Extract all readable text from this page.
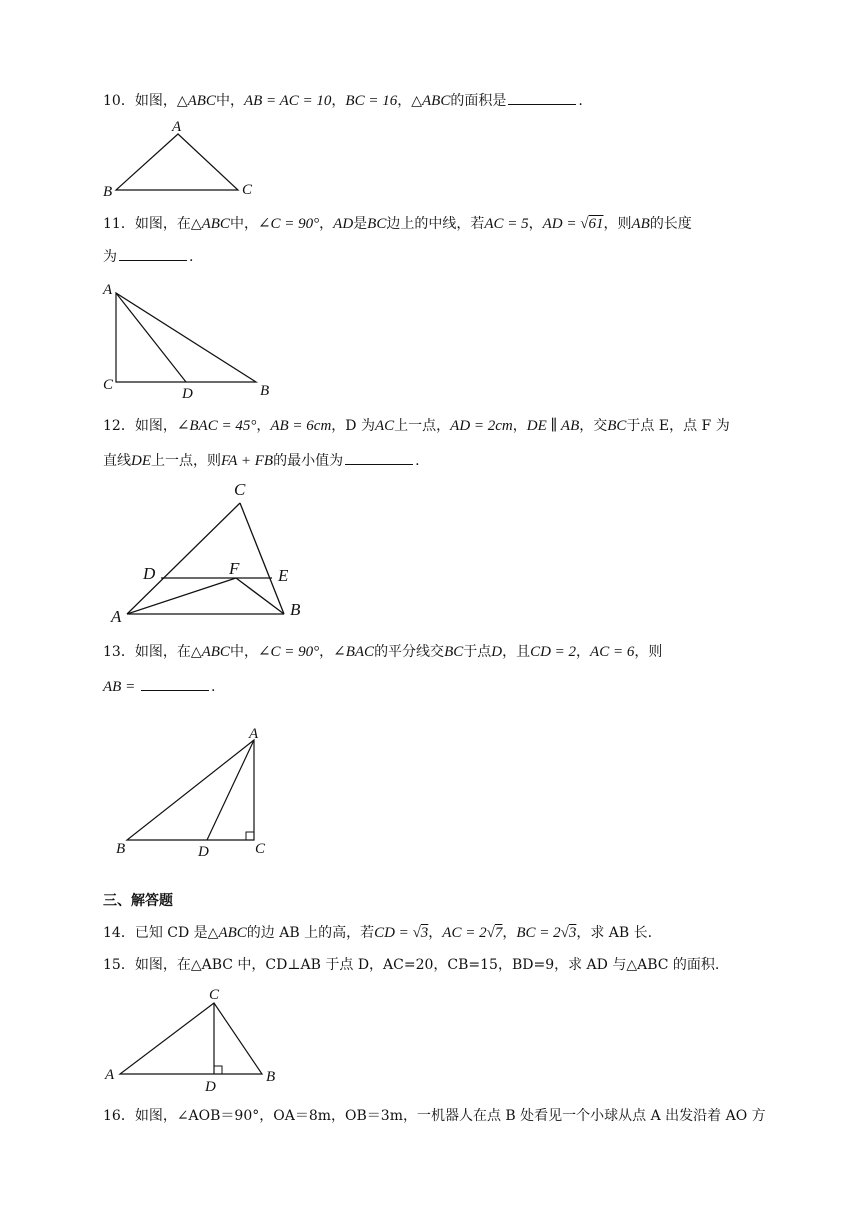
10．如图，△ABC中，AB = AC = 10，BC = 16，△ABC的面积是	.
A
B	C
11．如图，在△ABC中，∠C = 90°，AD是BC边上的中线，若AC = 5，AD = √61，则AB的长度
为	.
A
C
D	B
12．如图，∠BAC = 45°，AB = 6cm，D 为AC上一点，AD = 2cm，DE ∥ AB，交BC于点 E，点 F 为
直线DE上一点，则FA + FB的最小值为	.
C
D	F E
A	B
13．如图，在△ABC中，∠C = 90°，∠BAC的平分线交BC于点D，且CD = 2，AC = 6，则
AB =	.
A
B	D	C
三、解答题
14．已知 CD 是△ABC的边 AB 上的高，若CD = √3，AC = 2√7，BC = 2√3，求 AB 长.
15．如图，在△ABC 中，CD⊥AB 于点 D，AC=20，CB=15，BD=9，求 AD 与△ABC 的面积.
C
A
D
B
16．如图，∠AOB＝90°，OA＝8m，OB＝3m，一机器人在点 B 处看见一个小球从点 A 出发沿着 AO 方
